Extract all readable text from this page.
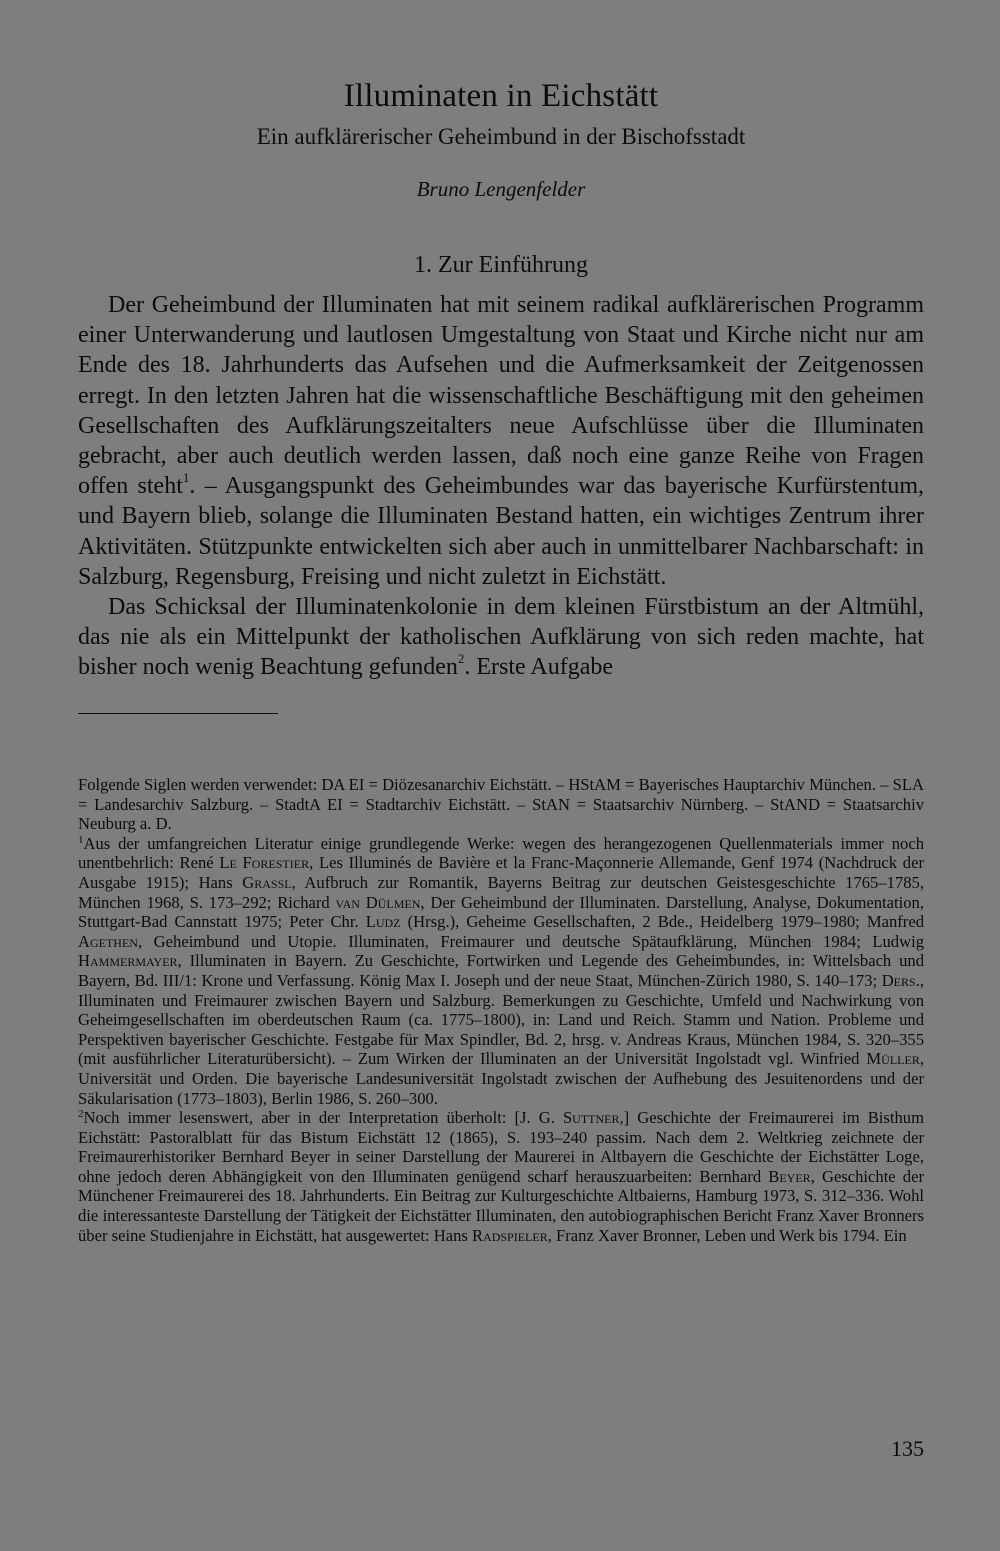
Illuminaten in Eichstätt
Ein aufklärerischer Geheimbund in der Bischofsstadt
Bruno Lengenfelder
1. Zur Einführung

Der Geheimbund der Illuminaten hat mit seinem radikal aufklärerischen Programm einer Unterwanderung und lautlosen Umgestaltung von Staat und Kirche nicht nur am Ende des 18. Jahrhunderts das Aufsehen und die Aufmerksamkeit der Zeitgenossen erregt. In den letzten Jahren hat die wissenschaftliche Beschäftigung mit den geheimen Gesellschaften des Aufklärungszeitalters neue Aufschlüsse über die Illuminaten gebracht, aber auch deutlich werden lassen, daß noch eine ganze Reihe von Fragen offen steht$^1$. – Ausgangspunkt des Geheimbundes war das bayerische Kurfürstentum, und Bayern blieb, solange die Illuminaten Bestand hatten, ein wichtiges Zentrum ihrer Aktivitäten. Stützpunkte entwickelten sich aber auch in unmittelbarer Nachbarschaft: in Salzburg, Regensburg, Freising und nicht zuletzt in Eichstätt.

Das Schicksal der Illuminatenkolonie in dem kleinen Fürstbistum an der Altmühl, das nie als ein Mittelpunkt der katholischen Aufklärung von sich reden machte, hat bisher noch wenig Beachtung gefunden$^2$. Erste Aufgabe

Folgende Siglen werden verwendet: DA EI = Diözesanarchiv Eichstätt. – HStAM = Bayerisches Hauptarchiv München. – SLA = Landesarchiv Salzburg. – StadtA EI = Stadtarchiv Eichstätt. – StAN = Staatsarchiv Nürnberg. – StAND = Staatsarchiv Neuburg a. D.

$^1$Aus der umfangreichen Literatur einige grundlegende Werke: wegen des herangezogenen Quellenmaterials immer noch unentbehrlich: René Le Forestier, Les Illuminés de Bavière et la Franc-Maçonnerie Allemande, Genf 1974 (Nachdruck der Ausgabe 1915); Hans Grassl, Aufbruch zur Romantik, Bayerns Beitrag zur deutschen Geistesgeschichte 1765–1785, München 1968, S. 173–292; Richard van Dülmen, Der Geheimbund der Illuminaten. Darstellung, Analyse, Dokumentation, Stuttgart-Bad Cannstatt 1975; Peter Chr. Ludz (Hrsg.), Geheime Gesellschaften, 2 Bde., Heidelberg 1979–1980; Manfred Agethen, Geheimbund und Utopie. Illuminaten, Freimaurer und deutsche Spätaufklärung, München 1984; Ludwig Hammermayer, Illuminaten in Bayern. Zu Geschichte, Fortwirken und Legende des Geheimbundes, in: Wittelsbach und Bayern, Bd. III/1: Krone und Verfassung. König Max I. Joseph und der neue Staat, München-Zürich 1980, S. 140–173; Ders., Illuminaten und Freimaurer zwischen Bayern und Salzburg. Bemerkungen zu Geschichte, Umfeld und Nachwirkung von Geheimgesellschaften im oberdeutschen Raum (ca. 1775–1800), in: Land und Reich. Stamm und Nation. Probleme und Perspektiven bayerischer Geschichte. Festgabe für Max Spindler, Bd. 2, hrsg. v. Andreas Kraus, München 1984, S. 320–355 (mit ausführlicher Literaturübersicht). – Zum Wirken der Illuminaten an der Universität Ingolstadt vgl. Winfried Müller, Universität und Orden. Die bayerische Landesuniversität Ingolstadt zwischen der Aufhebung des Jesuitenordens und der Säkularisation (1773–1803), Berlin 1986, S. 260–300.

$^2$Noch immer lesenswert, aber in der Interpretation überholt: [J. G. Suttner,] Geschichte der Freimaurerei im Bisthum Eichstätt: Pastoralblatt für das Bistum Eichstätt 12 (1865), S. 193–240 passim. Nach dem 2. Weltkrieg zeichnete der Freimaurerhistoriker Bernhard Beyer in seiner Darstellung der Maurerei in Altbayern die Geschichte der Eichstätter Loge, ohne jedoch deren Abhängigkeit von den Illuminaten genügend scharf herauszuarbeiten: Bernhard Beyer, Geschichte der Münchener Freimaurerei des 18. Jahrhunderts. Ein Beitrag zur Kulturgeschichte Altbaierns, Hamburg 1973, S. 312–336. Wohl die interessanteste Darstellung der Tätigkeit der Eichstätter Illuminaten, den autobiographischen Bericht Franz Xaver Bronners über seine Studienjahre in Eichstätt, hat ausgewertet: Hans Radspieler, Franz Xaver Bronner, Leben und Werk bis 1794. Ein

135
